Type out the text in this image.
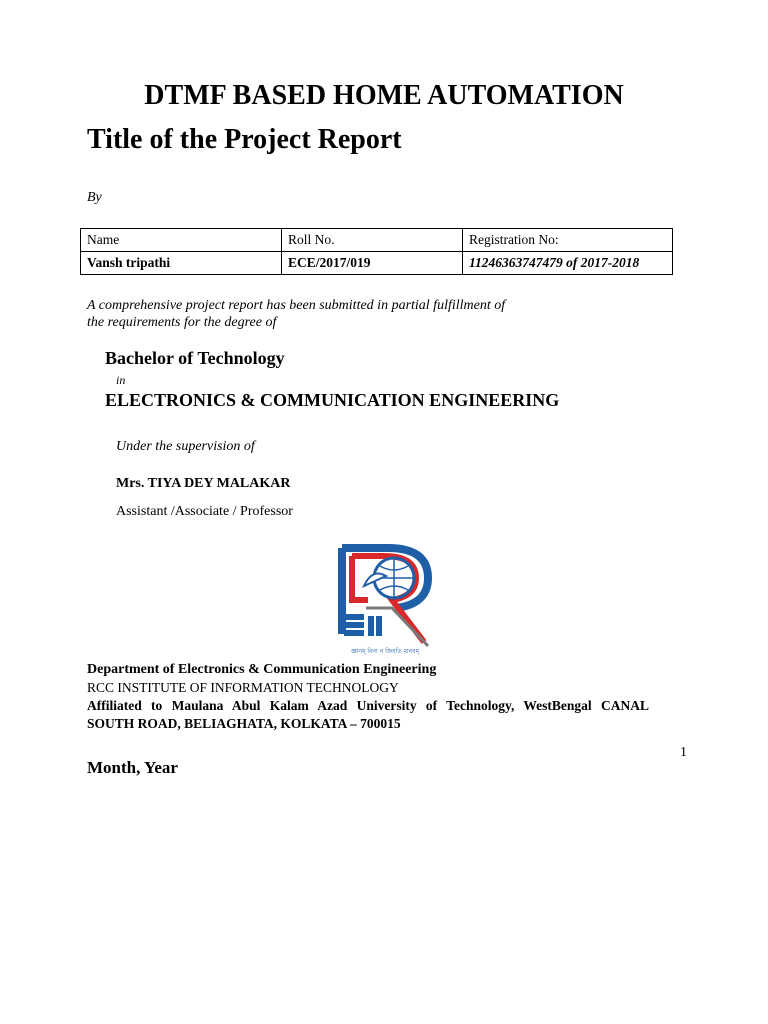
DTMF BASED HOME AUTOMATION
Title of the Project Report
By
Name	Roll No.	Registration No:
Vansh tripathi	ECE/2017/019	11246363747479 of 2017-2018
A comprehensive project report has been submitted in partial fulfillment of
the requirements for the degree of
Bachelor of Technology
in
ELECTRONICS & COMMUNICATION ENGINEERING
Under the supervision of
Mrs. TIYA DEY MALAKAR
Assistant /Associate / Professor
জ্ঞানম্ বিনা ন জিবতি মানবম্
Department of Electronics & Communication Engineering
RCC INSTITUTE OF INFORMATION TECHNOLOGY
Affiliated to Maulana Abul Kalam Azad University of Technology, WestBengal CANAL
SOUTH ROAD, BELIAGHATA, KOLKATA – 700015
1
Month, Year
